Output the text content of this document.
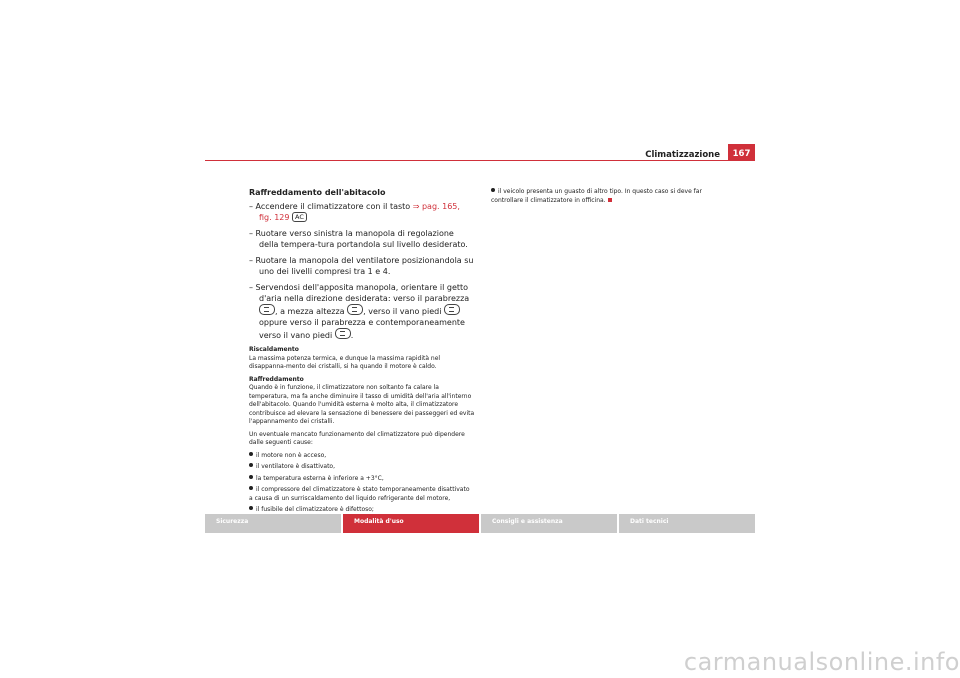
Climatizzazione	167
Raffreddamento dell'abitacolo
– Accendere il climatizzatore con il tasto ⇒ pag. 165, fig. 129 AC
– Ruotare verso sinistra la manopola di regolazione della tempera-tura portandola sul livello desiderato.
– Ruotare la manopola del ventilatore posizionandola su uno dei livelli compresi tra 1 e 4.
– Servendosi dell'apposita manopola, orientare il getto d'aria nella direzione desiderata: verso il parabrezza , a mezza altezza , verso il vano piedi  oppure verso il parabrezza e contemporaneamente verso il vano piedi .
Riscaldamento
La massima potenza termica, e dunque la massima rapidità nel disappanna-mento dei cristalli, si ha quando il motore è caldo.
Raffreddamento
Quando è in funzione, il climatizzatore non soltanto fa calare la temperatura, ma fa anche diminuire il tasso di umidità dell'aria all'interno dell'abitacolo. Quando l'umidità esterna è molto alta, il climatizzatore contribuisce ad elevare la sensazione di benessere dei passeggeri ed evita l'appannamento dei cristalli.
Un eventuale mancato funzionamento del climatizzatore può dipendere dalle seguenti cause:
il motore non è acceso,
il ventilatore è disattivato,
la temperatura esterna è inferiore a +3°C,
il compressore del climatizzatore è stato temporaneamente disattivato a causa di un surriscaldamento del liquido refrigerante del motore,
il fusibile del climatizzatore è difettoso;
il veicolo presenta un guasto di altro tipo. In questo caso si deve far controllare il climatizzatore in officina.
Sicurezza	Modalità d'uso	Consigli e assistenza	Dati tecnici
carmanualsonline.info
